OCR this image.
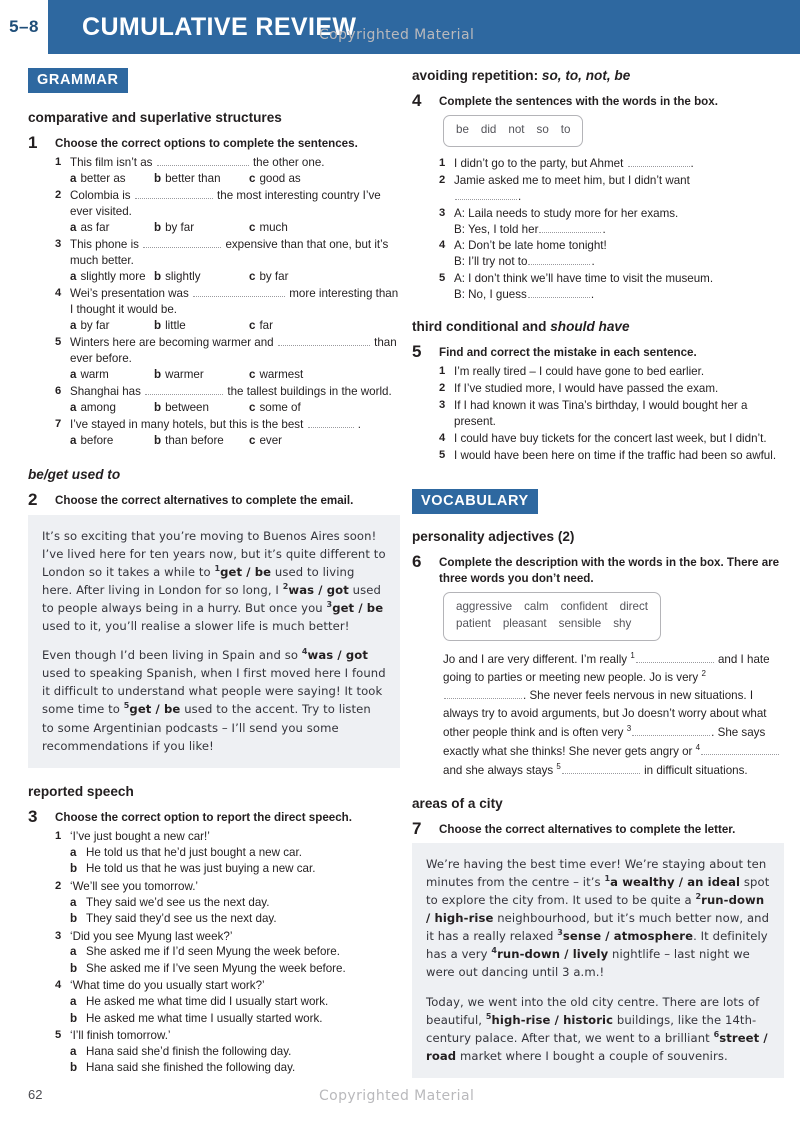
5–8	CUMULATIVE REVIEW
Copyrighted Material
GRAMMAR
comparative and superlative structures
1	Choose the correct options to complete the sentences.
1 This film isn’t as	the other one.
a better as b better than c good as
2 Colombia is	the most interesting country I’ve ever visited.
a as far	b by far	c much
3 This phone is	expensive than that one, but it’s much better.
a slightly more b slightly	c by far
4 Wei’s presentation was	more interesting than I thought it would be.
a by far	b little	c far
5 Winters here are becoming warmer and	than ever before.
a warm	b warmer	c warmest
6 Shanghai has	the tallest buildings in the world.
a among	b between	c some of
7 I’ve stayed in many hotels, but this is the best	.
a before	b than before c ever
be/get used to
2	Choose the correct alternatives to complete the email.

It’s so exciting that you’re moving to Buenos Aires soon! I’ve lived here for ten years now, but it’s quite different to London so it takes a while to $^1$get / be used to living here. After living in London for so long, I $^2$was / got used to people always being in a hurry. But once you $^3$get / be used to it, you’ll realise a slower life is much better!

Even though I’d been living in Spain and so $^4$was / got used to speaking Spanish, when I first moved here I found it difficult to understand what people were saying! It took some time to $^5$get / be used to the accent. Try to listen to some Argentinian podcasts – I’ll send you some recommendations if you like!

reported speech
3	Choose the correct option to report the direct speech.
1 ‘I’ve just bought a new car!’
a He told us that he’d just bought a new car.
b He told us that he was just buying a new car.
2 ‘We’ll see you tomorrow.’
a They said we’d see us the next day.
b They said they’d see us the next day.
3 ‘Did you see Myung last week?’
a She asked me if I’d seen Myung the week before.
b She asked me if I’ve seen Myung the week before.
4 ‘What time do you usually start work?’
a He asked me what time did I usually start work.
b He asked me what time I usually started work.
5 ‘I’ll finish tomorrow.’
a Hana said she’d finish the following day.
b Hana said she finished the following day.
avoiding repetition: so, to, not, be
4	Complete the sentences with the words in the box.
be did not so to
1 I didn’t go to the party, but Ahmet	.
2 Jamie asked me to meet him, but I didn’t want
.
3 A: Laila needs to study more for her exams.
B: Yes, I told her	.
4 A: Don’t be late home tonight!
B: I’ll try not to	.
5 A: I don’t think we’ll have time to visit the museum.
B: No, I guess	.
third conditional and should have
5	Find and correct the mistake in each sentence.
1 I’m really tired – I could have gone to bed earlier.
2 If I’ve studied more, I would have passed the exam.
3 If I had known it was Tina’s birthday, I would bought her a present.
4 I could have buy tickets for the concert last week, but I didn’t.
5 I would have been here on time if the traffic had been so awful.
VOCABULARY
personality adjectives (2)
6	Complete the description with the words in the box. There are three words you don’t need.
aggressive calm confident direct
patient pleasant sensible shy
Jo and I are very different. I’m really $^1$	and I hate going to parties or meeting new people. Jo is very $^2$. She never feels nervous in new situations. I always try to avoid arguments, but Jo doesn’t worry about what other people think and is often very $^3$	. She says exactly what she thinks! She never gets angry or $^4$ and she always stays $^5$	in difficult situations.
areas of a city
7	Choose the correct alternatives to complete the letter.

We’re having the best time ever! We’re staying about ten minutes from the centre – it’s $^1$a wealthy / an ideal spot to explore the city from. It used to be quite a $^2$run-down / high-rise neighbourhood, but it’s much better now, and it has a really relaxed $^3$sense / atmosphere. It definitely has a very $^4$run-down / lively nightlife – last night we were out dancing until 3 a.m.!

Today, we went into the old city centre. There are lots of beautiful, $^5$high-rise / historic buildings, like the 14th-century palace. After that, we went to a brilliant $^6$street / road market where I bought a couple of souvenirs.

62	Copyrighted Material
